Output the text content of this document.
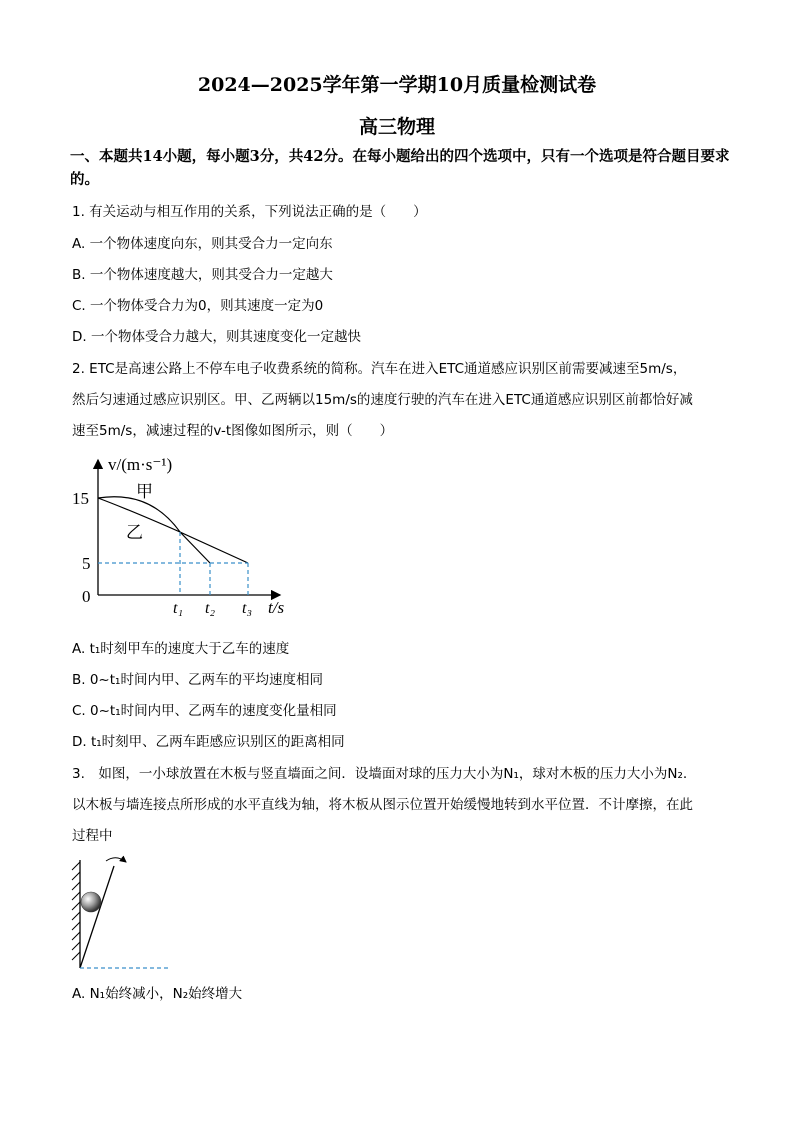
2024—2025学年第一学期10月质量检测试卷
高三物理
一、本题共14小题，每小题3分，共42分。在每小题给出的四个选项中，只有一个选项是符合题目要求的。
1. 有关运动与相互作用的关系，下列说法正确的是（　　）
A. 一个物体速度向东，则其受合力一定向东
B. 一个物体速度越大，则其受合力一定越大
C. 一个物体受合力为0，则其速度一定为0
D. 一个物体受合力越大，则其速度变化一定越快
2. ETC是高速公路上不停车电子收费系统的简称。汽车在进入ETC通道感应识别区前需要减速至5m/s，
然后匀速通过感应识别区。甲、乙两辆以15m/s的速度行驶的汽车在进入ETC通道感应识别区前都恰好减
速至5m/s，减速过程的v-t图像如图所示，则（　　）
v/(m·s⁻¹)
t/s
15
5
0
甲
乙
t₁ t₂ t₃
A. t₁时刻甲车的速度大于乙车的速度
B. 0~t₁时间内甲、乙两车的平均速度相同
C. 0~t₁时间内甲、乙两车的速度变化量相同
D. t₁时刻甲、乙两车距感应识别区的距离相同
3.　如图，一小球放置在木板与竖直墙面之间．设墙面对球的压力大小为N₁，球对木板的压力大小为N₂.
以木板与墙连接点所形成的水平直线为轴，将木板从图示位置开始缓慢地转到水平位置．不计摩擦，在此
过程中
A. N₁始终减小，N₂始终增大
